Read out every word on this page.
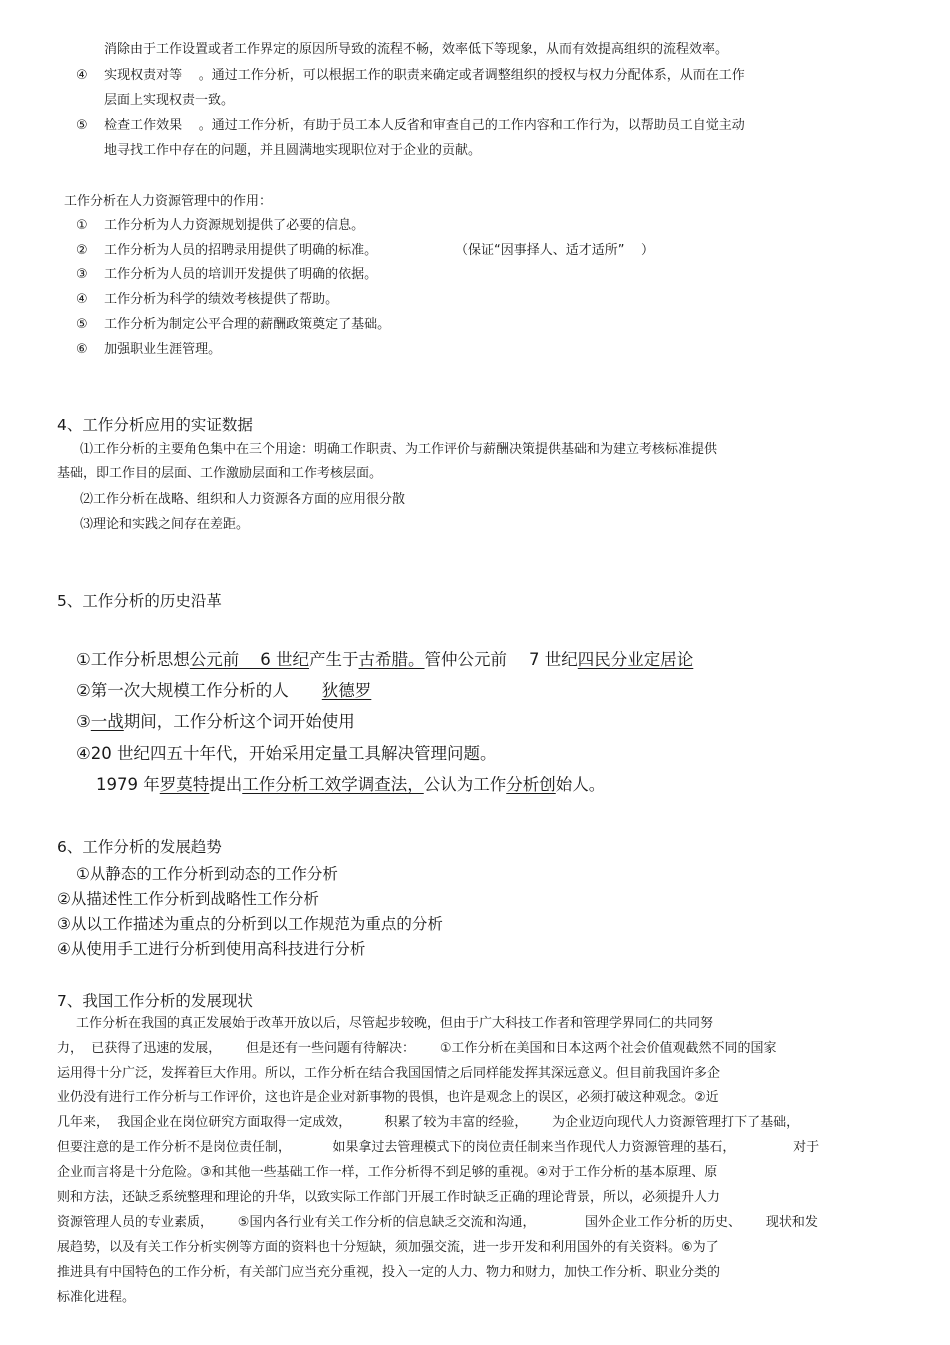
消除由于工作设置或者工作界定的原因所导致的流程不畅，效率低下等现象，从而有效提高组织的流程效率。
④    实现权责对等    。通过工作分析，可以根据工作的职责来确定或者调整组织的授权与权力分配体系，从而在工作
层面上实现权责一致。
⑤    检查工作效果    。通过工作分析，有助于员工本人反省和审查自己的工作内容和工作行为，以帮助员工自觉主动
地寻找工作中存在的问题，并且圆满地实现职位对于企业的贡献。
工作分析在人力资源管理中的作用：
①    工作分析为人力资源规划提供了必要的信息。
②    工作分析为人员的招聘录用提供了明确的标准。	（保证“因事择人、适才适所”    ）
③    工作分析为人员的培训开发提供了明确的依据。
④    工作分析为科学的绩效考核提供了帮助。
⑤    工作分析为制定公平合理的薪酬政策奠定了基础。
⑥    加强职业生涯管理。
4、工作分析应用的实证数据
⑴工作分析的主要角色集中在三个用途：明确工作职责、为工作评价与薪酬决策提供基础和为建立考核标准提供
基础，即工作目的层面、工作激励层面和工作考核层面。
⑵工作分析在战略、组织和人力资源各方面的应用很分散
⑶理论和实践之间存在差距。
5、工作分析的历史沿革
①工作分析思想公元前    6 世纪产生于古希腊。管仲公元前 7 世纪四民分业定居论
②第一次大规模工作分析的人 狄德罗
③一战期间，工作分析这个词开始使用
④20 世纪四五十年代，开始采用定量工具解决管理问题。
1979 年罗莫特提出工作分析工效学调查法，公认为工作分析创始人。
6、工作分析的发展趋势
①从静态的工作分析到动态的工作分析
②从描述性工作分析到战略性工作分析
③从以工作描述为重点的分析到以工作规范为重点的分析
④从使用手工进行分析到使用高科技进行分析
7、我国工作分析的发展现状
工作分析在我国的真正发展始于改革开放以后，尽管起步较晚，但由于广大科技工作者和管理学界同仁的共同努
力，  已获得了迅速的发展，      但是还有一些问题有待解决：      ①工作分析在美国和日本这两个社会价值观截然不同的国家
运用得十分广泛，发挥着巨大作用。所以，工作分析在结合我国国情之后同样能发挥其深远意义。但目前我国许多企
业仍没有进行工作分析与工作评价，这也许是企业对新事物的畏惧，也许是观念上的误区，必须打破这种观念。②近
几年来，  我国企业在岗位研究方面取得一定成效，        积累了较为丰富的经验，      为企业迈向现代人力资源管理打下了基础，
但要注意的是工作分析不是岗位责任制，          如果拿过去管理模式下的岗位责任制来当作现代人力资源管理的基石，              对于
企业而言将是十分危险。③和其他一些基础工作一样，工作分析得不到足够的重视。④对于工作分析的基本原理、原
则和方法，还缺乏系统整理和理论的升华，以致实际工作部门开展工作时缺乏正确的理论背景，所以，必须提升人力
资源管理人员的专业素质，      ⑤国内各行业有关工作分析的信息缺乏交流和沟通，            国外企业工作分析的历史、      现状和发
展趋势，以及有关工作分析实例等方面的资料也十分短缺，须加强交流，进一步开发和利用国外的有关资料。⑥为了
推进具有中国特色的工作分析，有关部门应当充分重视，投入一定的人力、物力和财力，加快工作分析、职业分类的
标准化进程。
